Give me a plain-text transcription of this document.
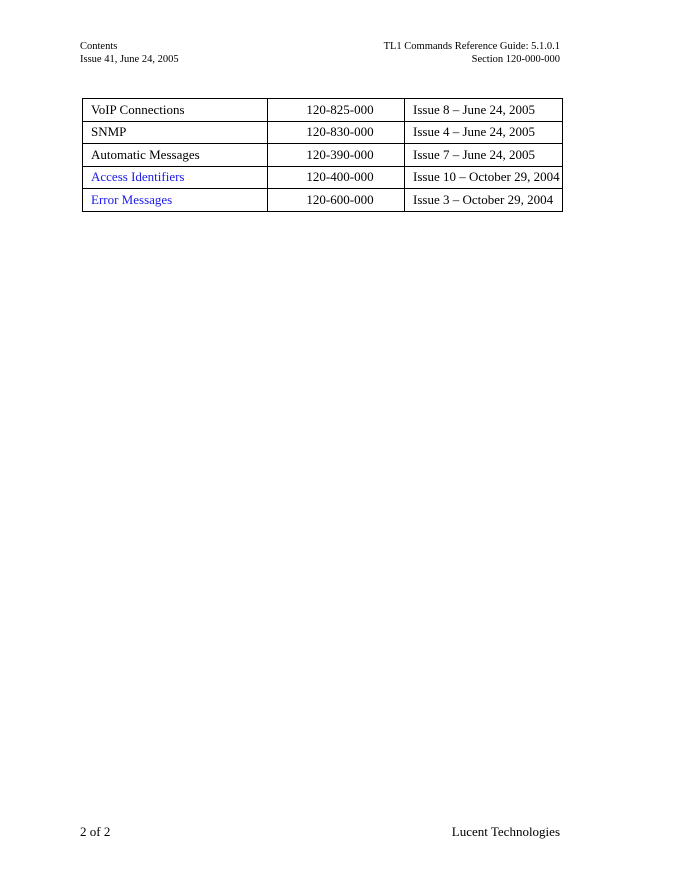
Contents
Issue 41, June 24, 2005
TL1 Commands Reference Guide: 5.1.0.1
Section 120-000-000
VoIP Connections	120-825-000	Issue 8 – June 24, 2005
SNMP	120-830-000	Issue 4 – June 24, 2005
Automatic Messages	120-390-000	Issue 7 – June 24, 2005
Access Identifiers	120-400-000	Issue 10 – October 29, 2004
Error Messages	120-600-000	Issue 3 – October 29, 2004
2 of 2	Lucent Technologies
